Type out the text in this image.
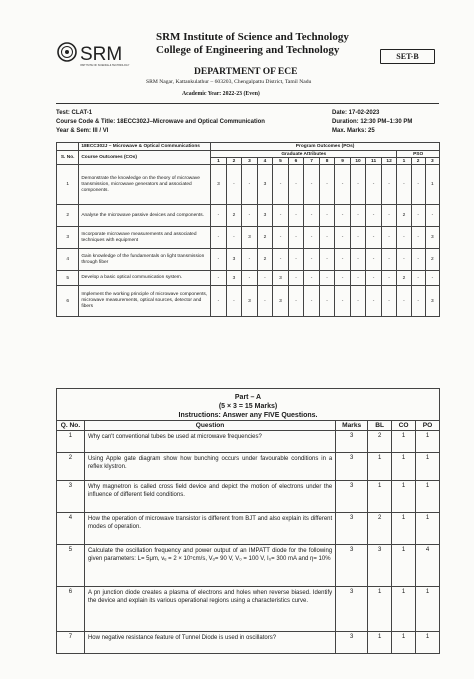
SRM
INSTITUTE OF SCIENCE & TECHNOLOGY
SRM Institute of Science and Technology
College of Engineering and Technology
SET-B
DEPARTMENT OF ECE
SRM Nagar, Kattankulathur – 603203, Chengalpattu District, Tamil Nadu
Academic Year: 2022-23 (Even)
Test: CLAT-1
Course Code & Title: 18ECC302J–Microwave and Optical Communication
Year & Sem: III / VI
Date: 17-02-2023
Duration: 12:30 PM–1:30 PM
Max. Marks: 25
	18ECC302J – Microwave & Optical Communications	Program Outcomes (POs)														
S. No.	Course Outcomes (COs)	Graduate Attributes												PSO		
		1	2	3	4	5	6	7	8	9	10	11	12	1	2	3
1	Demonstrate the knowledge on the theory of microwave transmission, microwave generators and associated components.	3	-	-	3	-	-	-	-	-	-	-	-	-	-	1
2	Analyse the microwave passive devices and components.	-	2	-	3	-	-	-	-	-	-	-	-	2	-	-
3	Incorporate microwave measurements and associated techniques with equipment	-	-	3	2	-	-	-	-	-	-	-	-	-	-	3
4	Gain knowledge of the fundamentals on light transmission through fiber	-	3	-	2	-	-	-	-	-	-	-	-	-	-	2
5	Develop a basic optical communication system.	-	3	-	-	3	-	-	-	-	-	-	-	2	-	-
6	Implement the working principle of microwave components, microwave measurements, optical sources, detector and fibers	-	-	3	-	3	-	-	-	-	-	-	-	-	-	3
Part – A
(5 × 3 = 15 Marks)
Instructions: Answer any FIVE Questions.
Q. No.	Question	Marks	BL	CO	PO
1	Why can't conventional tubes be used at microwave frequencies?	3	2	1	1
2	Using Apple gate diagram show how bunching occurs under favourable conditions in a reflex klystron.	3	1	1	1
3	Why magnetron is called cross field device and depict the motion of electrons under the influence of different field conditions.	3	1	1	1
4	How the operation of microwave transistor is different from BJT and also explain its different modes of operation.	3	2	1	1
5	Calculate the oscillation frequency and power output of an IMPATT diode for the following given parameters: L= 5μm, vₑ = 2 × 10⁵cm/s, Vₒ= 90 V, V₀ = 100 V, I₀= 300 mA and η= 10%	3	3	1	4
6	A pn junction diode creates a plasma of electrons and holes when reverse biased. Identify the device and explain its various operational regions using a characteristics curve.	3	1	1	1
7	How negative resistance feature of Tunnel Diode is used in oscillators?	3	1	1	1
